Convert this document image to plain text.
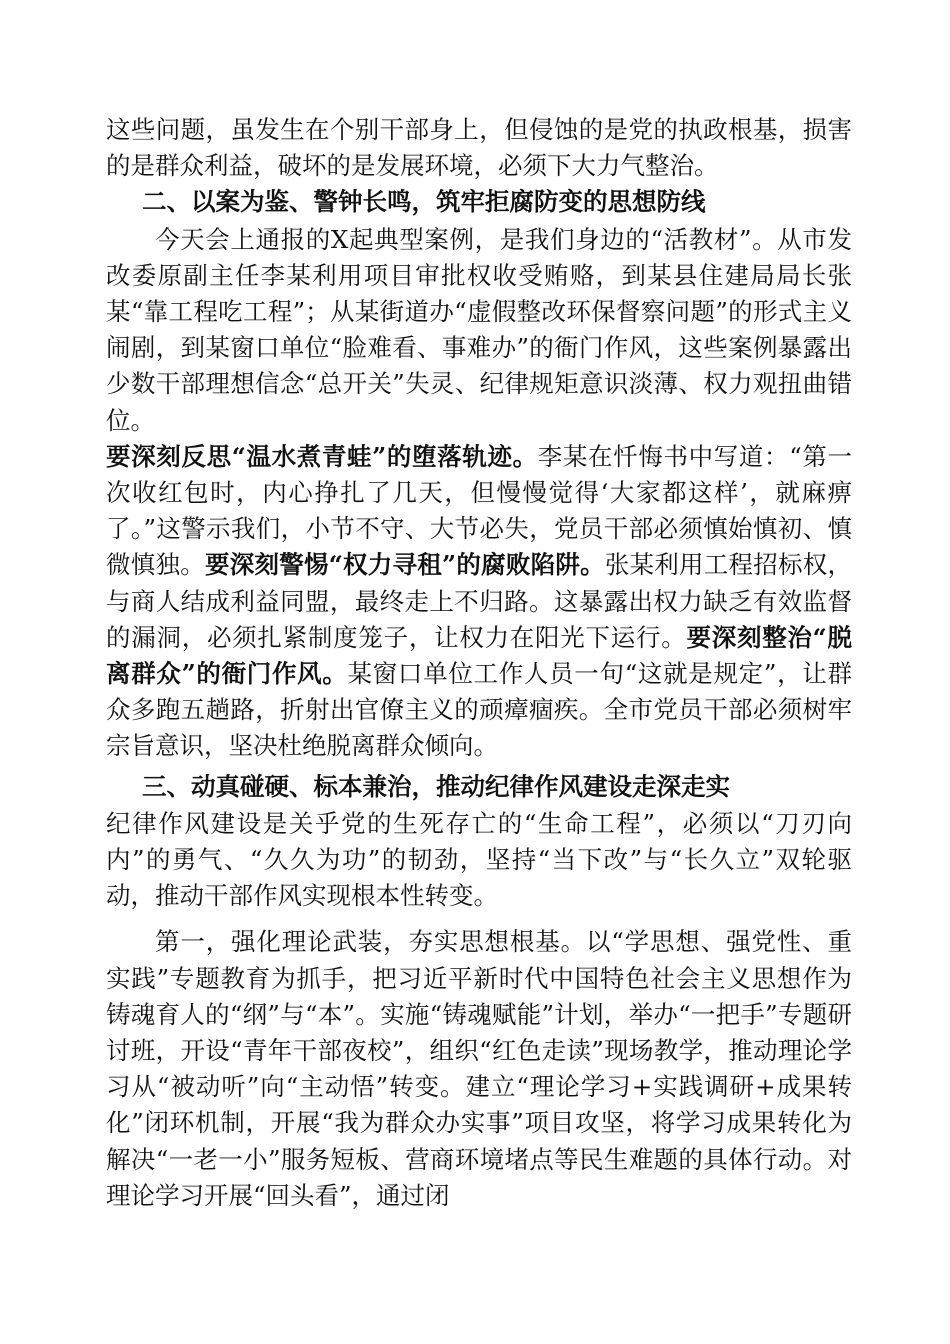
这些问题，虽发生在个别干部身上，但侵蚀的是党的执政根基，损害的是群众利益，破坏的是发展环境，必须下大力气整治。

二、以案为鉴、警钟长鸣，筑牢拒腐防变的思想防线

今天会上通报的X起典型案例，是我们身边的“活教材”。从市发改委原副主任李某利用项目审批权收受贿赂，到某县住建局局长张某“靠工程吃工程”；从某街道办“虚假整改环保督察问题”的形式主义闹剧，到某窗口单位“脸难看、事难办”的衙门作风，这些案例暴露出少数干部理想信念“总开关”失灵、纪律规矩意识淡薄、权力观扭曲错位。

要深刻反思“温水煮青蛙”的堕落轨迹。李某在忏悔书中写道：“第一次收红包时，内心挣扎了几天，但慢慢觉得‘大家都这样’，就麻痹了。”这警示我们，小节不守、大节必失，党员干部必须慎始慎初、慎微慎独。要深刻警惕“权力寻租”的腐败陷阱。张某利用工程招标权，与商人结成利益同盟，最终走上不归路。这暴露出权力缺乏有效监督的漏洞，必须扎紧制度笼子，让权力在阳光下运行。要深刻整治“脱离群众”的衙门作风。某窗口单位工作人员一句“这就是规定”，让群众多跑五趟路，折射出官僚主义的顽瘴痼疾。全市党员干部必须树牢宗旨意识，坚决杜绝脱离群众倾向。

三、动真碰硬、标本兼治，推动纪律作风建设走深走实

纪律作风建设是关乎党的生死存亡的“生命工程”，必须以“刀刃向内”的勇气、“久久为功”的韧劲，坚持“当下改”与“长久立”双轮驱动，推动干部作风实现根本性转变。

第一，强化理论武装，夯实思想根基。以“学思想、强党性、重实践”专题教育为抓手，把习近平新时代中国特色社会主义思想作为铸魂育人的“纲”与“本”。实施“铸魂赋能”计划，举办“一把手”专题研讨班，开设“青年干部夜校”，组织“红色走读”现场教学，推动理论学习从“被动听”向“主动悟”转变。建立“理论学习+实践调研+成果转化”闭环机制，开展“我为群众办实事”项目攻坚，将学习成果转化为解决“一老一小”服务短板、营商环境堵点等民生难题的具体行动。对理论学习开展“回头看”，通过闭
